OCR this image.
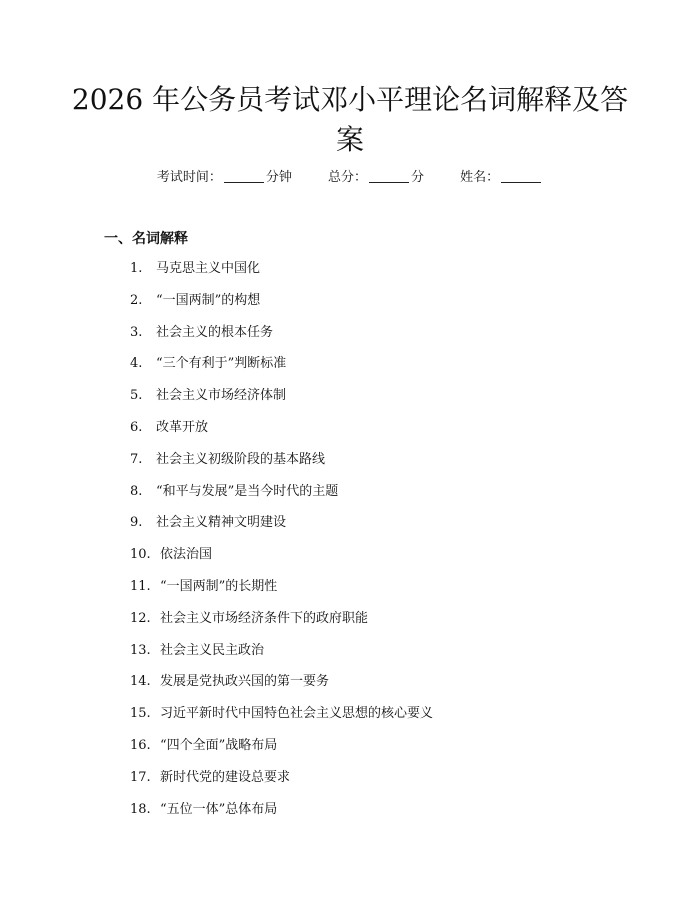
2026 年公务员考试邓小平理论名词解释及答
案
考试时间：	分钟	总分：	分	姓名：
一、名词解释
1. 马克思主义中国化
2. “一国两制”的构想
3. 社会主义的根本任务
4. “三个有利于”判断标准
5. 社会主义市场经济体制
6. 改革开放
7. 社会主义初级阶段的基本路线
8. “和平与发展”是当今时代的主题
9. 社会主义精神文明建设
10. 依法治国
11. “一国两制”的长期性
12. 社会主义市场经济条件下的政府职能
13. 社会主义民主政治
14. 发展是党执政兴国的第一要务
15. 习近平新时代中国特色社会主义思想的核心要义
16. “四个全面”战略布局
17. 新时代党的建设总要求
18. “五位一体”总体布局
